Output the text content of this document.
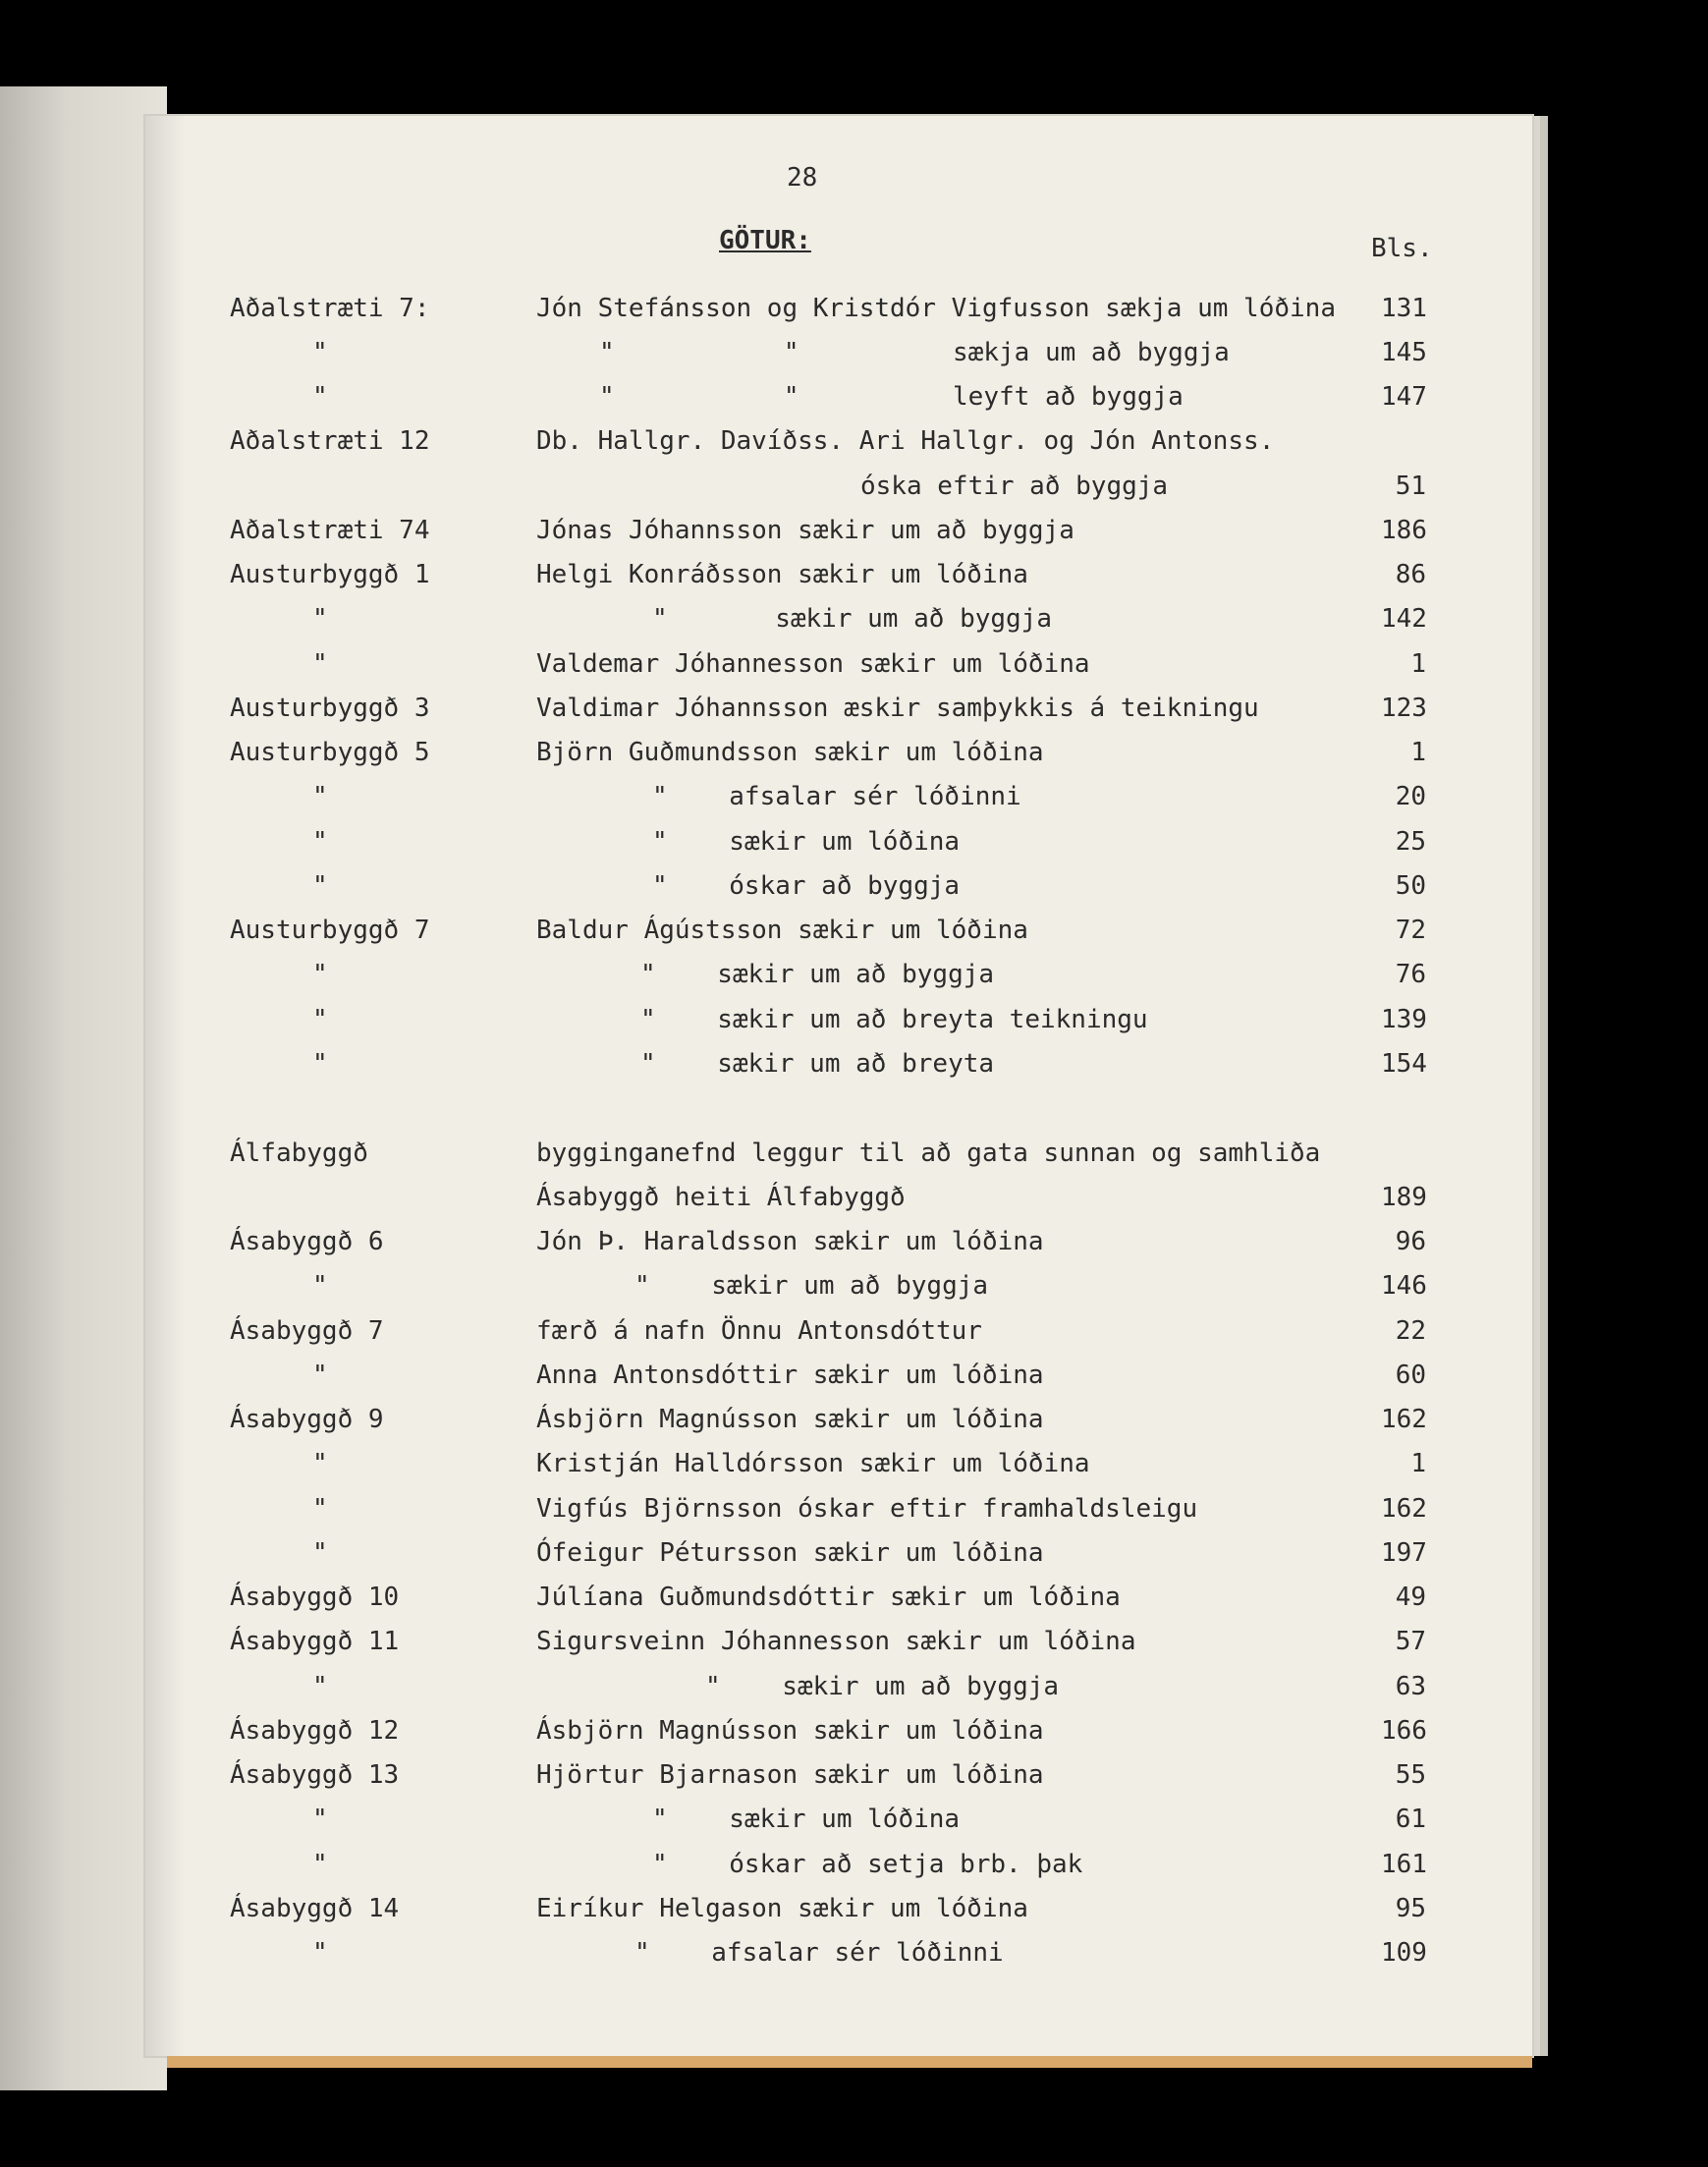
28
GÖTUR:	Bls.
Aðalstræti 7:	Jón Stefánsson og Kristdór Vigfusson sækja um lóðina 131
"	"           "          sækja um að byggja	145
"	"           "          leyft að byggja	147
Aðalstræti 12	Db. Hallgr. Davíðss. Ari Hallgr. og Jón Antonss.
óska eftir að byggja	51
Aðalstræti 74	Jónas Jóhannsson sækir um að byggja	186
Austurbyggð 1	Helgi Konráðsson sækir um lóðina	86
"	"       sækir um að byggja	142
"	Valdemar Jóhannesson sækir um lóðina	1
Austurbyggð 3	Valdimar Jóhannsson æskir samþykkis á teikningu	123
Austurbyggð 5	Björn Guðmundsson sækir um lóðina	1
"	"    afsalar sér lóðinni	20
"	"    sækir um lóðina	25
"	"    óskar að byggja	50
Austurbyggð 7	Baldur Ágústsson sækir um lóðina	72
"	"    sækir um að byggja	76
"	"    sækir um að breyta teikningu	139
"	"    sækir um að breyta	154
Álfabyggð	bygginganefnd leggur til að gata sunnan og samhliða
Ásabyggð heiti Álfabyggð	189
Ásabyggð 6	Jón Þ. Haraldsson sækir um lóðina	96
"	"    sækir um að byggja	146
Ásabyggð 7	færð á nafn Önnu Antonsdóttur	22
"	Anna Antonsdóttir sækir um lóðina	60
Ásabyggð 9	Ásbjörn Magnússon sækir um lóðina	162
"	Kristján Halldórsson sækir um lóðina	1
"	Vigfús Björnsson óskar eftir framhaldsleigu	162
"	Ófeigur Pétursson sækir um lóðina	197
Ásabyggð 10	Júlíana Guðmundsdóttir sækir um lóðina	49
Ásabyggð 11	Sigursveinn Jóhannesson sækir um lóðina	57
"	"    sækir um að byggja	63
Ásabyggð 12	Ásbjörn Magnússon sækir um lóðina	166
Ásabyggð 13	Hjörtur Bjarnason sækir um lóðina	55
"	"    sækir um lóðina	61
"	"    óskar að setja brb. þak	161
Ásabyggð 14	Eiríkur Helgason sækir um lóðina	95
"	"    afsalar sér lóðinni	109
